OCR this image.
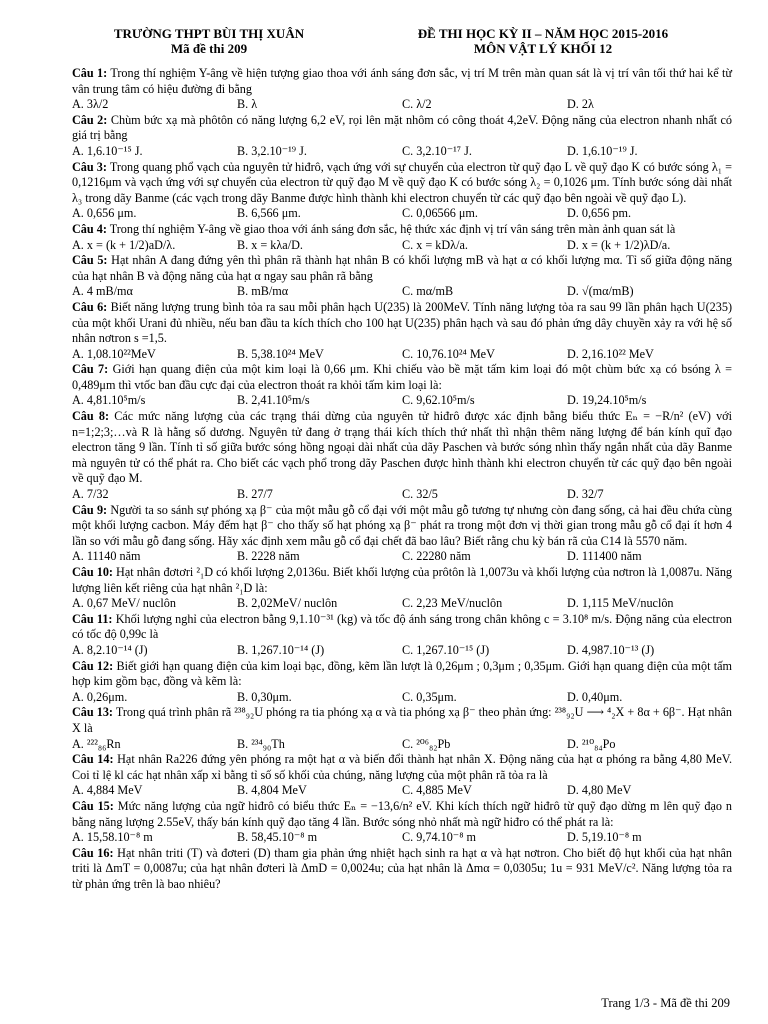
TRƯỜNG THPT BÙI THỊ XUÂN
Mã đề thi 209
ĐỀ THI HỌC KỲ II – NĂM HỌC 2015-2016
MÔN VẬT LÝ KHỐI 12

Câu 1: Trong thí nghiệm Y-âng về hiện tượng giao thoa với ánh sáng đơn sắc, vị trí M trên màn quan sát là vị trí vân tối thứ hai kể từ vân trung tâm có hiệu đường đi bằng

A. 3λ/2	B. λ	C. λ/2	D. 2λ

Câu 2: Chùm bức xạ mà phôtôn có năng lượng 6,2 eV, rọi lên mặt nhôm có công thoát 4,2eV. Động năng của electron nhanh nhất có giá trị bằng

A. 1,6.10⁻¹⁵ J.	B. 3,2.10⁻¹⁹ J.	C. 3,2.10⁻¹⁷ J.	D. 1,6.10⁻¹⁹ J.

Câu 3: Trong quang phổ vạch của nguyên tử hiđrô, vạch ứng với sự chuyển của electron từ quỹ đạo L về quỹ đạo K có bước sóng λ₁ = 0,1216μm và vạch ứng với sự chuyển của electron từ quỹ đạo M về quỹ đạo K có bước sóng λ₂ = 0,1026 μm. Tính bước sóng dài nhất λ₃ trong dãy Banme (các vạch trong dãy Banme được hình thành khi electron chuyển từ các quỹ đạo bên ngoài về quỹ đạo L).

A. 0,656 μm.	B. 6,566 μm.	C. 0,06566 μm.	D. 0,656 pm.

Câu 4: Trong thí nghiệm Y-âng về giao thoa với ánh sáng đơn sắc, hệ thức xác định vị trí vân sáng trên màn ảnh quan sát là

A. x = (k + 1/2)aD/λ.	B. x = kλa/D.	C. x = kDλ/a.	D. x = (k + 1/2)λD/a.

Câu 5: Hạt nhân A đang đứng yên thì phân rã thành hạt nhân B có khối lượng mB và hạt α có khối lượng mα. Tỉ số giữa động năng của hạt nhân B và động năng của hạt α ngay sau phân rã bằng

A. 4 mB/mα	B. mB/mα	C. mα/mB	D. √(mα/mB)

Câu 6: Biết năng lượng trung bình tỏa ra sau mỗi phân hạch U(235) là 200MeV. Tính năng lượng tỏa ra sau 99 lần phân hạch U(235) của một khối Urani đủ nhiều, nếu ban đầu ta kích thích cho 100 hạt U(235) phân hạch và sau đó phản ứng dây chuyền xảy ra với hệ số nhân nơtron s =1,5.

A. 1,08.10²²MeV	B. 5,38.10²⁴ MeV	C. 10,76.10²⁴ MeV	D. 2,16.10²² MeV

Câu 7: Giới hạn quang điện của một kim loại là 0,66 μm. Khi chiếu vào bề mặt tấm kim loại đó một chùm bức xạ có bsóng λ = 0,489μm thì vtốc ban đầu cực đại của electron thoát ra khỏi tấm kim loại là:

A. 4,81.10⁵m/s	B. 2,41.10⁵m/s	C. 9,62.10⁵m/s	D. 19,24.10⁵m/s

Câu 8: Các mức năng lượng của các trạng thái dừng của nguyên tử hiđrô được xác định bằng biểu thức Eₙ = −R/n² (eV) với n=1;2;3;…và R là hằng số dương. Nguyên tử đang ở trạng thái kích thích thứ nhất thì nhận thêm năng lượng để bán kính quĩ đạo electron tăng 9 lần. Tính tỉ số giữa bước sóng hồng ngoại dài nhất của dãy Paschen và bước sóng nhìn thấy ngắn nhất của dãy Banme mà nguyên tử có thể phát ra. Cho biết các vạch phổ trong dãy Paschen được hình thành khi electron chuyển từ các quỹ đạo bên ngoài về quỹ đạo M.

A. 7/32	B. 27/7	C. 32/5	D. 32/7

Câu 9: Người ta so sánh sự phóng xạ β⁻ của một mẫu gỗ cổ đại với một mẫu gỗ tương tự nhưng còn đang sống, cả hai đều chứa cùng một khối lượng cacbon. Máy đếm hạt β⁻ cho thấy số hạt phóng xạ β⁻ phát ra trong một đơn vị thời gian trong mẫu gỗ cổ đại ít hơn 4 lần so với mẫu gỗ đang sống. Hãy xác định xem mẫu gỗ cổ đại chết đã bao lâu? Biết rằng chu kỳ bán rã của C14 là 5570 năm.

A. 11140 năm	B. 2228 năm	C. 22280 năm	D. 111400 năm

Câu 10: Hạt nhân đơtơri ²₁D có khối lượng 2,0136u. Biết khối lượng của prôtôn là 1,0073u và khối lượng của nơtron là 1,0087u. Năng lượng liên kết riêng của hạt nhân ²₁D là:

A. 0,67 MeV/ nuclôn	B. 2,02MeV/ nuclôn	C. 2,23 MeV/nuclôn	D. 1,115 MeV/nuclôn

Câu 11: Khối lượng nghỉ của electron bằng 9,1.10⁻³¹ (kg) và tốc độ ánh sáng trong chân không c = 3.10⁸ m/s. Động năng của electron có tốc độ 0,99c là

A. 8,2.10⁻¹⁴ (J)	B. 1,267.10⁻¹⁴ (J)	C. 1,267.10⁻¹⁵ (J)	D. 4,987.10⁻¹³ (J)

Câu 12: Biết giới hạn quang điện của kim loại bạc, đồng, kẽm lần lượt là 0,26μm ; 0,3μm ; 0,35μm. Giới hạn quang điện của một tấm hợp kim gồm bạc, đồng và kẽm là:

A. 0,26μm.	B. 0,30μm.	C. 0,35μm.	D. 0,40μm.

Câu 13: Trong quá trình phân rã ²³⁸₉₂U phóng ra tia phóng xạ α và tia phóng xạ β⁻ theo phản ứng: ²³⁸₉₂U ⟶ ⁴₂X + 8α + 6β⁻. Hạt nhân X là

A. ²²²₈₆Rn	B. ²³⁴₉₀Th	C. ²⁰⁶₈₂Pb	D. ²¹⁰₈₄Po

Câu 14: Hạt nhân Ra226 đứng yên phóng ra một hạt α và biến đổi thành hạt nhân X. Động năng của hạt α phóng ra bằng 4,80 MeV. Coi tỉ lệ kl các hạt nhân xấp xỉ bằng tỉ số số khối của chúng, năng lượng của một phân rã tỏa ra là

A. 4,884 MeV	B. 4,804 MeV	C. 4,885 MeV	D. 4,80 MeV

Câu 15: Mức năng lượng của ngữ hiđrô có biểu thức Eₙ = −13,6/n² eV. Khi kích thích ngữ hiđrô từ quỹ đạo dừng m lên quỹ đạo n bằng năng lượng 2.55eV, thấy bán kính quỹ đạo tăng 4 lần. Bước sóng nhỏ nhất mà ngữ hiđro có thể phát ra là:

A. 15,58.10⁻⁸ m	B. 58,45.10⁻⁸ m	C. 9,74.10⁻⁸ m	D. 5,19.10⁻⁸ m

Câu 16: Hạt nhân triti (T) và đơteri (D) tham gia phản ứng nhiệt hạch sinh ra hạt α và hạt nơtron. Cho biết độ hụt khối của hạt nhân triti là ΔmT = 0,0087u; của hạt nhân đơteri là ΔmD = 0,0024u; của hạt nhân là Δmα = 0,0305u; 1u = 931 MeV/c². Năng lượng tỏa ra từ phản ứng trên là bao nhiêu?

Trang 1/3 - Mã đề thi 209
